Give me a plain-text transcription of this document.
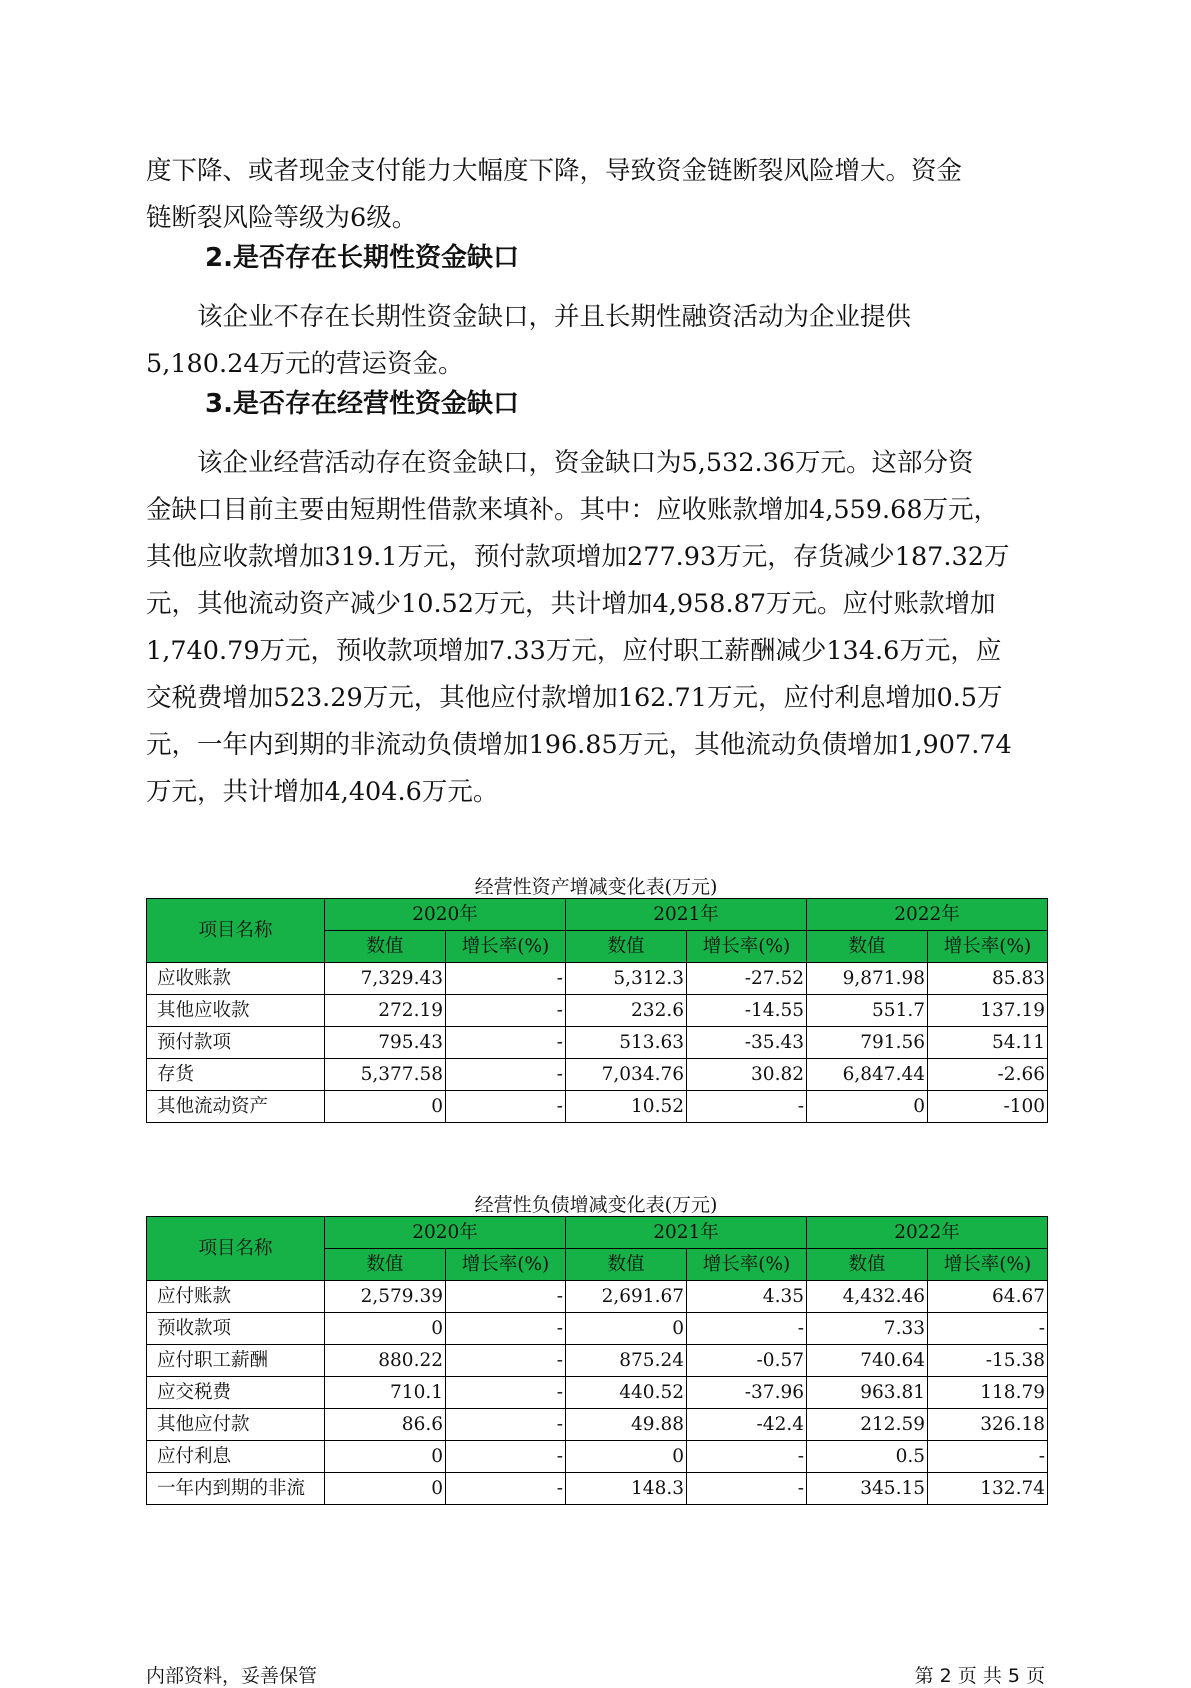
度下降、或者现金支付能力大幅度下降，导致资金链断裂风险增大。资金
链断裂风险等级为6级。

2.是否存在长期性资金缺口

该企业不存在长期性资金缺口，并且长期性融资活动为企业提供
5,180.24万元的营运资金。

3.是否存在经营性资金缺口

该企业经营活动存在资金缺口，资金缺口为5,532.36万元。这部分资
金缺口目前主要由短期性借款来填补。其中：应收账款增加4,559.68万元，
其他应收款增加319.1万元，预付款项增加277.93万元，存货减少187.32万
元，其他流动资产减少10.52万元，共计增加4,958.87万元。应付账款增加
1,740.79万元，预收款项增加7.33万元，应付职工薪酬减少134.6万元，应
交税费增加523.29万元，其他应付款增加162.71万元，应付利息增加0.5万
元，一年内到期的非流动负债增加196.85万元，其他流动负债增加1,907.74
万元，共计增加4,404.6万元。

经营性资产增减变化表(万元)
项目名称	2020年		2021年		2022年	
	数值	增长率(%)	数值	增长率(%)	数值	增长率(%)
应收账款	7,329.43	-	5,312.3	-27.52	9,871.98	85.83
其他应收款	272.19	-	232.6	-14.55	551.7	137.19
预付款项	795.43	-	513.63	-35.43	791.56	54.11
存货	5,377.58	-	7,034.76	30.82	6,847.44	-2.66
其他流动资产	0	-	10.52	-	0	-100
经营性负债增减变化表(万元)
项目名称	2020年		2021年		2022年	
	数值	增长率(%)	数值	增长率(%)	数值	增长率(%)
应付账款	2,579.39	-	2,691.67	4.35	4,432.46	64.67
预收款项	0	-	0	-	7.33	-
应付职工薪酬	880.22	-	875.24	-0.57	740.64	-15.38
应交税费	710.1	-	440.52	-37.96	963.81	118.79
其他应付款	86.6	-	49.88	-42.4	212.59	326.18
应付利息	0	-	0	-	0.5	-
一年内到期的非流	0	-	148.3	-	345.15	132.74
内部资料，妥善保管	第 2 页 共 5 页
